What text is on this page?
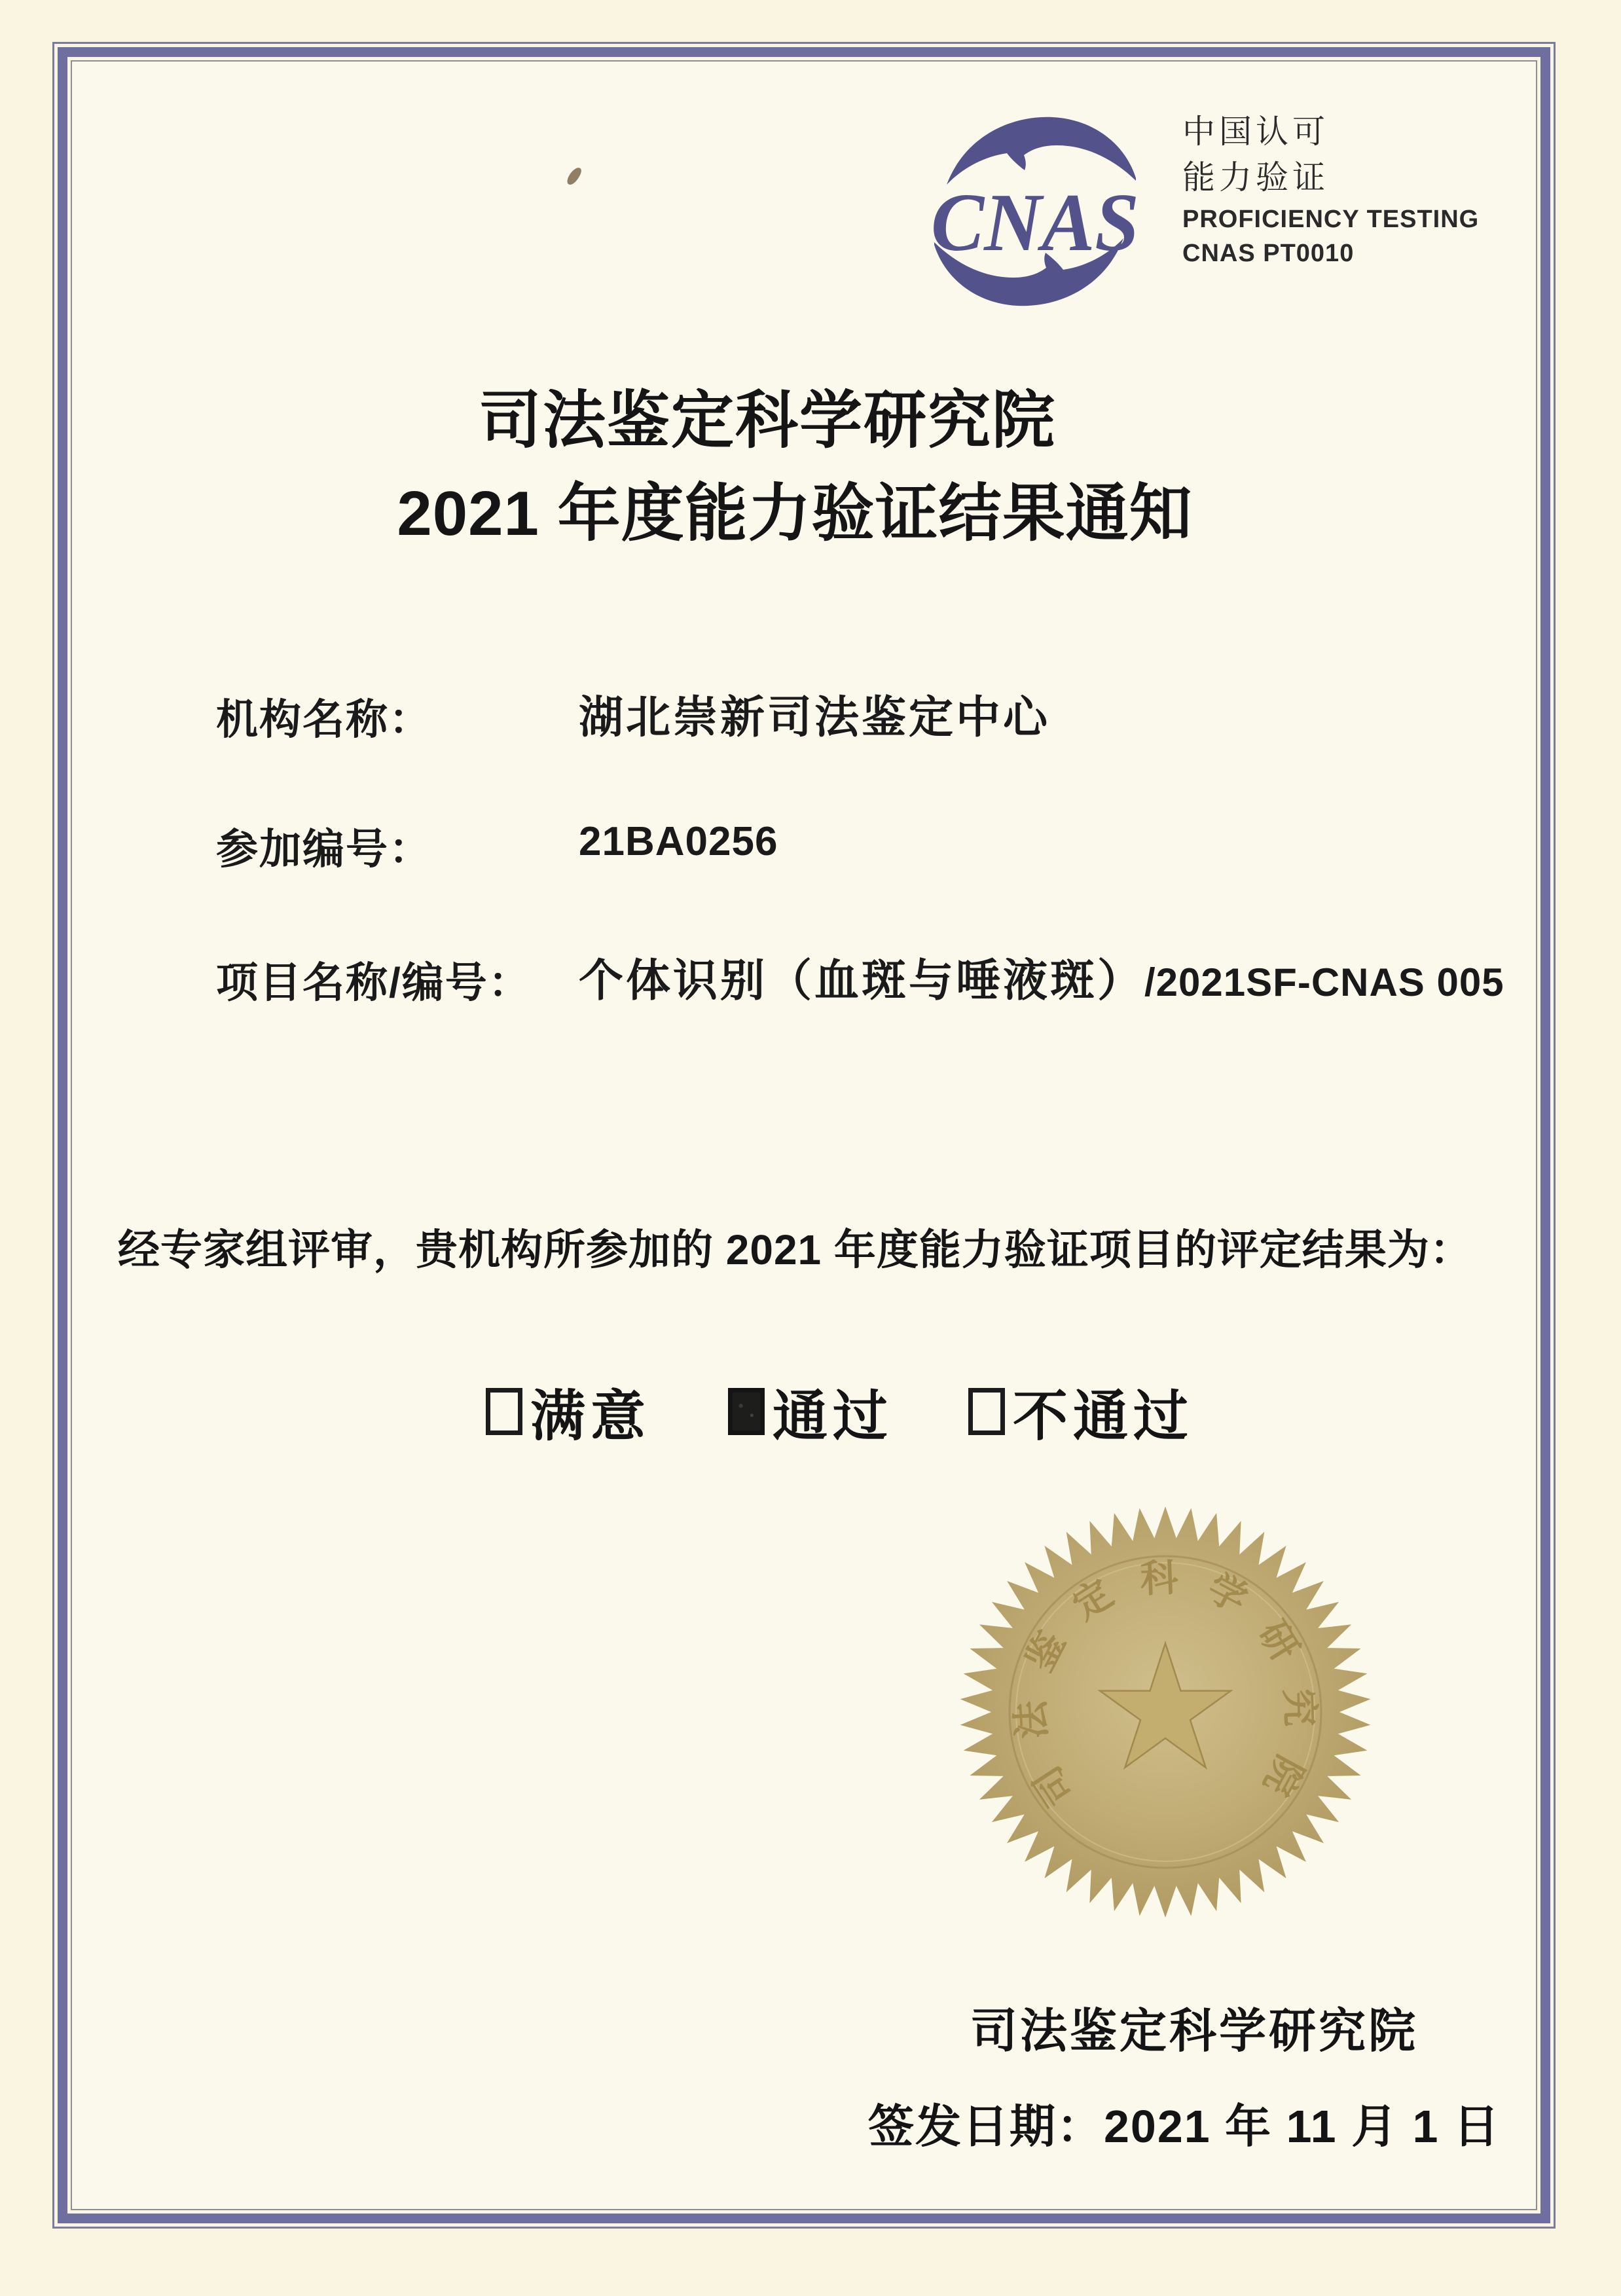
CNAS
中国认可
能力验证
PROFICIENCY TESTING
CNAS PT0010
司法鉴定科学研究院
2021 年度能力验证结果通知
机构名称：	湖北崇新司法鉴定中心
参加编号：	21BA0256
项目名称/编号： 个体识别（血斑与唾液斑）/2021SF-CNAS 005
经专家组评审，贵机构所参加的 2021 年度能力验证项目的评定结果为：
满意 通过 不通过
司法鉴定科学研究院
司法鉴定科学研究院
签发日期：2021 年 11 月 1 日
